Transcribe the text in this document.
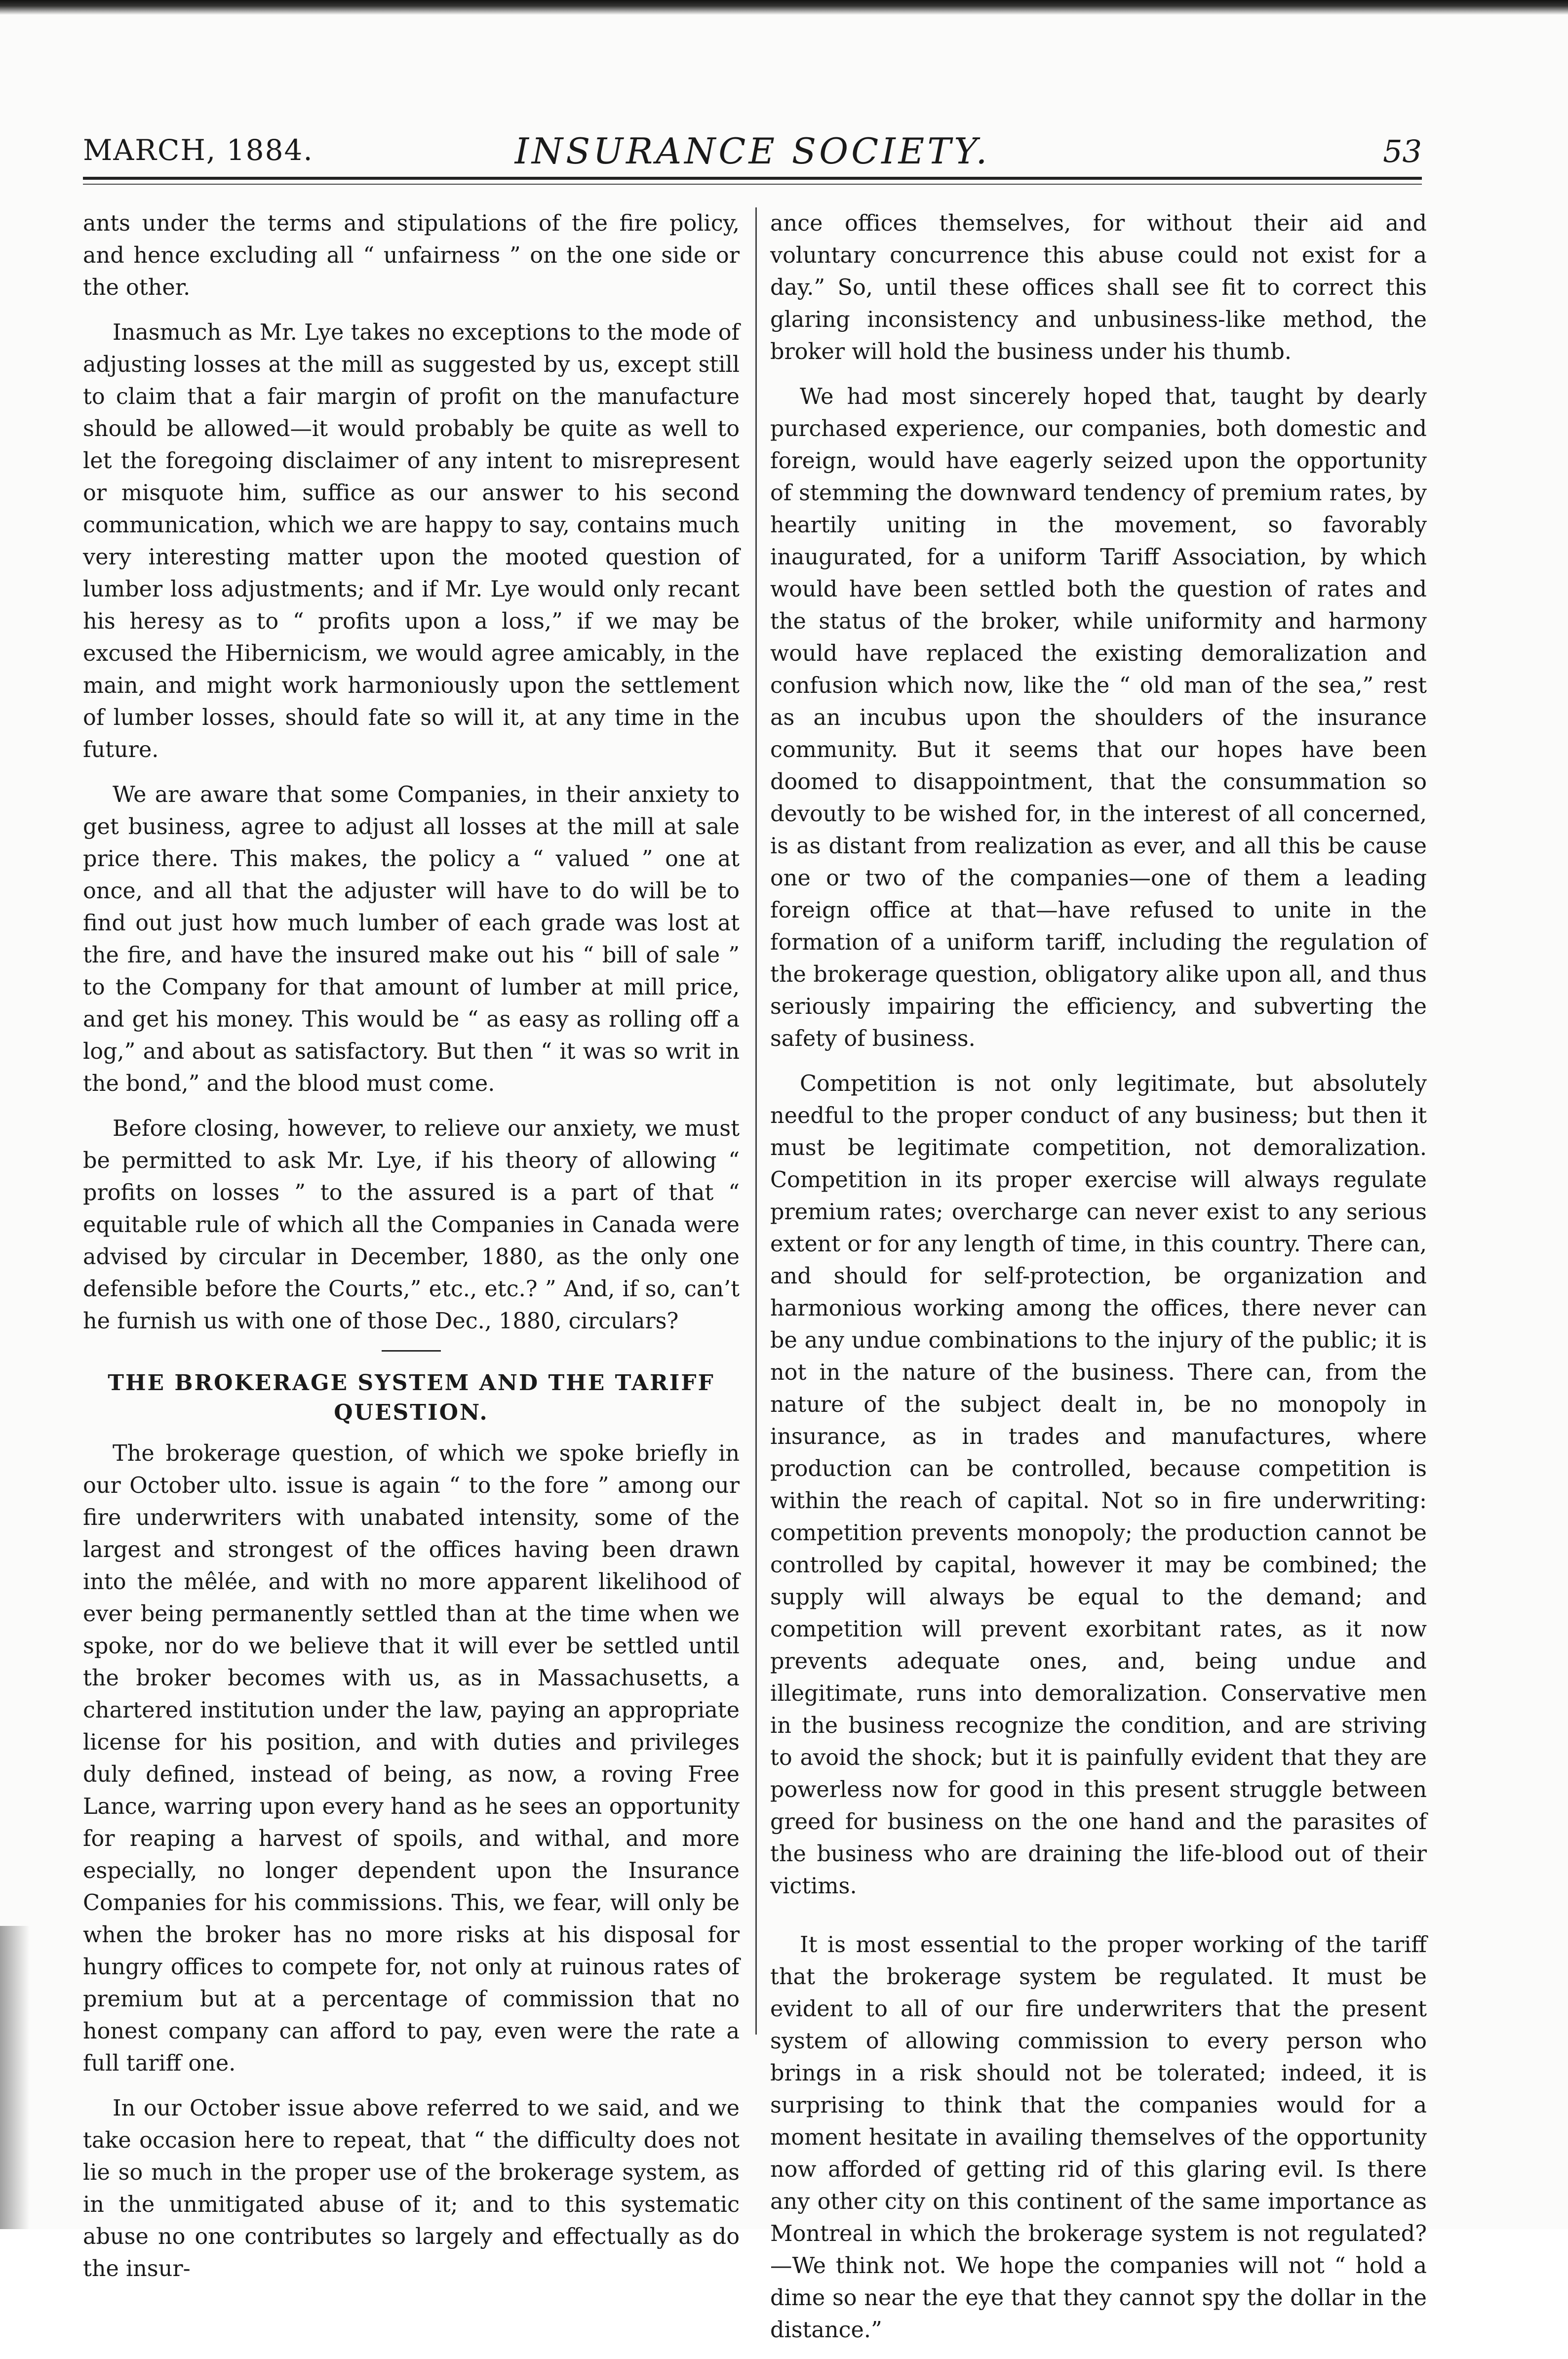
MARCH, 1884.	INSURANCE SOCIETY.	53

ants under the terms and stipulations of the fire policy, and hence excluding all “ unfairness ” on the one side or the other.

Inasmuch as Mr. Lye takes no exceptions to the mode of adjusting losses at the mill as suggested by us, except still to claim that a fair margin of profit on the manufacture should be allowed—it would probably be quite as well to let the foregoing disclaimer of any intent to misrepresent or misquote him, suffice as our answer to his second communication, which we are happy to say, contains much very interesting matter upon the mooted question of lumber loss adjustments; and if Mr. Lye would only recant his heresy as to “ profits upon a loss,” if we may be excused the Hibernicism, we would agree amicably, in the main, and might work harmoniously upon the settlement of lumber losses, should fate so will it, at any time in the future.

We are aware that some Companies, in their anxiety to get business, agree to adjust all losses at the mill at sale price there. This makes, the policy a “ valued ” one at once, and all that the adjuster will have to do will be to find out just how much lumber of each grade was lost at the fire, and have the insured make out his “ bill of sale ” to the Company for that amount of lumber at mill price, and get his money. This would be “ as easy as rolling off a log,” and about as satisfactory. But then “ it was so writ in the bond,” and the blood must come.

Before closing, however, to relieve our anxiety, we must be permitted to ask Mr. Lye, if his theory of allowing “ profits on losses ” to the assured is a part of that “ equitable rule of which all the Companies in Canada were advised by circular in December, 1880, as the only one defensible before the Courts,” etc., etc.? ” And, if so, can’t he furnish us with one of those Dec., 1880, circulars?

THE BROKERAGE SYSTEM AND THE TARIFF QUESTION.

The brokerage question, of which we spoke briefly in our October ulto. issue is again “ to the fore ” among our fire underwriters with unabated intensity, some of the largest and strongest of the offices having been drawn into the mêlée, and with no more apparent likelihood of ever being permanently settled than at the time when we spoke, nor do we believe that it will ever be settled until the broker becomes with us, as in Massachusetts, a chartered institution under the law, paying an appropriate license for his position, and with duties and privileges duly defined, instead of being, as now, a roving Free Lance, warring upon every hand as he sees an opportunity for reaping a harvest of spoils, and withal, and more especially, no longer dependent upon the Insurance Companies for his commissions. This, we fear, will only be when the broker has no more risks at his disposal for hungry offices to compete for, not only at ruinous rates of premium but at a percentage of commission that no honest company can afford to pay, even were the rate a full tariff one.

In our October issue above referred to we said, and we take occasion here to repeat, that “ the difficulty does not lie so much in the proper use of the brokerage system, as in the unmitigated abuse of it; and to this systematic abuse no one contributes so largely and effectually as do the insur-

ance offices themselves, for without their aid and voluntary concurrence this abuse could not exist for a day.” So, until these offices shall see fit to correct this glaring inconsistency and unbusiness-like method, the broker will hold the business under his thumb.

We had most sincerely hoped that, taught by dearly purchased experience, our companies, both domestic and foreign, would have eagerly seized upon the opportunity of stemming the downward tendency of premium rates, by heartily uniting in the movement, so favorably inaugurated, for a uniform Tariff Association, by which would have been settled both the question of rates and the status of the broker, while uniformity and harmony would have replaced the existing demoralization and confusion which now, like the “ old man of the sea,” rest as an incubus upon the shoulders of the insurance community. But it seems that our hopes have been doomed to disappointment, that the consummation so devoutly to be wished for, in the interest of all concerned, is as distant from realization as ever, and all this be cause one or two of the companies—one of them a leading foreign office at that—have refused to unite in the formation of a uniform tariff, including the regulation of the brokerage question, obligatory alike upon all, and thus seriously impairing the efficiency, and subverting the safety of business.

Competition is not only legitimate, but absolutely needful to the proper conduct of any business; but then it must be legitimate competition, not demoralization. Competition in its proper exercise will always regulate premium rates; overcharge can never exist to any serious extent or for any length of time, in this country. There can, and should for self-protection, be organization and harmonious working among the offices, there never can be any undue combinations to the injury of the public; it is not in the nature of the business. There can, from the nature of the subject dealt in, be no monopoly in insurance, as in trades and manufactures, where production can be controlled, because competition is within the reach of capital. Not so in fire underwriting: competition prevents monopoly; the production cannot be controlled by capital, however it may be combined; the supply will always be equal to the demand; and competition will prevent exorbitant rates, as it now prevents adequate ones, and, being undue and illegitimate, runs into demoralization. Conservative men in the business recognize the condition, and are striving to avoid the shock; but it is painfully evident that they are powerless now for good in this present struggle between greed for business on the one hand and the parasites of the business who are draining the life-blood out of their victims.

It is most essential to the proper working of the tariff that the brokerage system be regulated. It must be evident to all of our fire underwriters that the present system of allowing commission to every person who brings in a risk should not be tolerated; indeed, it is surprising to think that the companies would for a moment hesitate in availing themselves of the opportunity now afforded of getting rid of this glaring evil. Is there any other city on this continent of the same importance as Montreal in which the brokerage system is not regulated?—We think not. We hope the companies will not “ hold a dime so near the eye that they cannot spy the dollar in the distance.”
